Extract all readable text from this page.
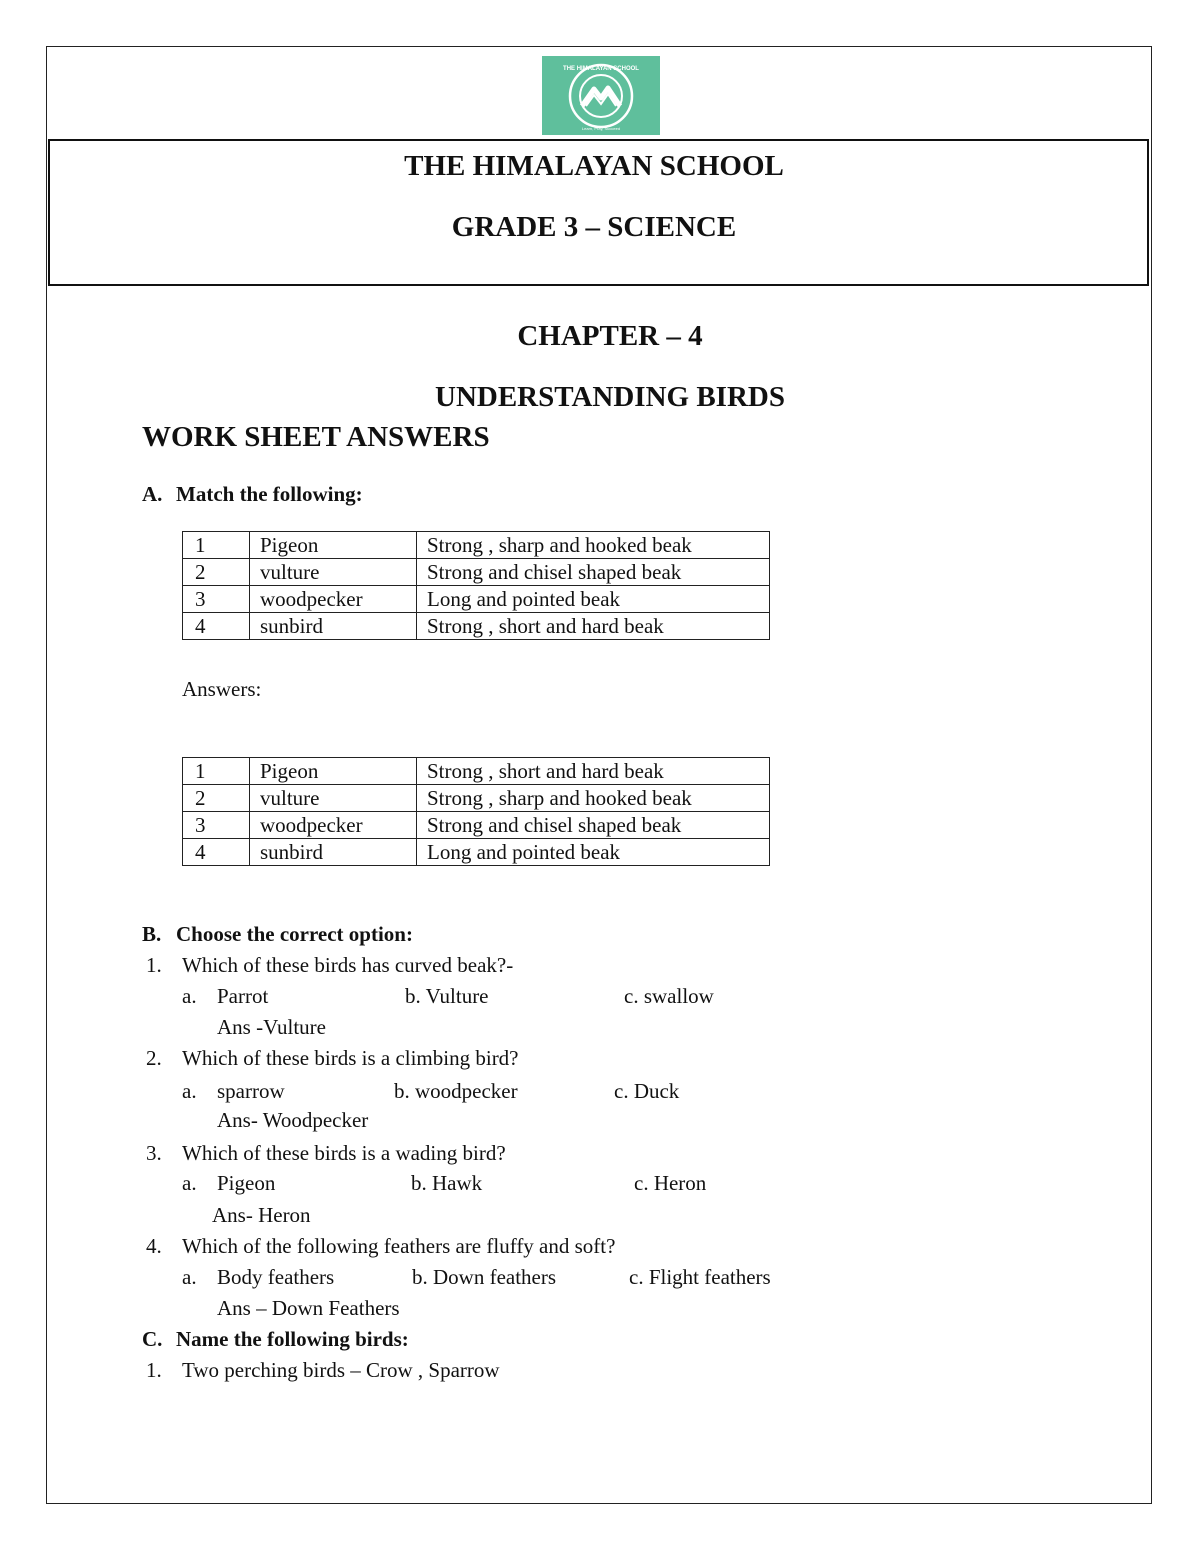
THE HIMALAYAN SCHOOL
Learn, Pray, Succeed
THE HIMALAYAN SCHOOL
GRADE 3 – SCIENCE
CHAPTER – 4
UNDERSTANDING BIRDS
WORK SHEET ANSWERS
A. Match the following:
1	Pigeon	Strong , sharp and hooked beak
2	vulture	Strong and chisel shaped beak
3	woodpecker	Long and pointed beak
4	sunbird	Strong , short and hard beak
Answers:
1	Pigeon	Strong , short and hard beak
2	vulture	Strong , sharp and hooked beak
3	woodpecker	Strong and chisel shaped beak
4	sunbird	Long and pointed beak
B. Choose the correct option:
1. Which of these birds has curved beak?-
a. Parrot	b. Vulture	c. swallow
Ans -Vulture
2. Which of these birds is a climbing bird?
a. sparrow	b. woodpecker	c. Duck
Ans- Woodpecker
3. Which of these birds is a wading bird?
a. Pigeon	b. Hawk	c. Heron
Ans- Heron
4. Which of the following feathers are fluffy and soft?
a. Body feathers	b. Down feathers	c. Flight feathers
Ans – Down Feathers
C. Name the following birds:
1. Two perching birds – Crow , Sparrow
